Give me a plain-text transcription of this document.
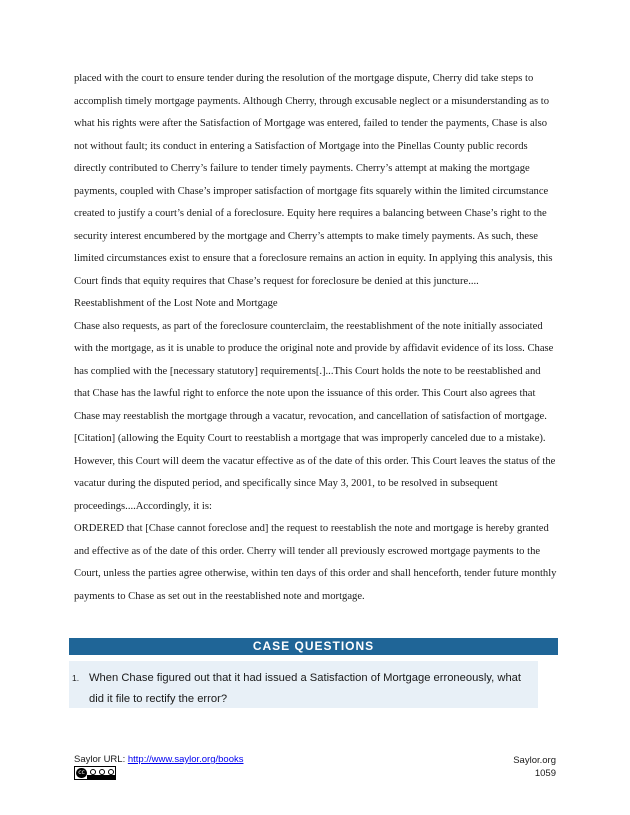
placed with the court to ensure tender during the resolution of the mortgage dispute, Cherry did take steps to accomplish timely mortgage payments. Although Cherry, through excusable neglect or a misunderstanding as to what his rights were after the Satisfaction of Mortgage was entered, failed to tender the payments, Chase is also not without fault; its conduct in entering a Satisfaction of Mortgage into the Pinellas County public records directly contributed to Cherry’s failure to tender timely payments. Cherry’s attempt at making the mortgage payments, coupled with Chase’s improper satisfaction of mortgage fits squarely within the limited circumstance created to justify a court’s denial of a foreclosure. Equity here requires a balancing between Chase’s right to the security interest encumbered by the mortgage and Cherry’s attempts to make timely payments. As such, these limited circumstances exist to ensure that a foreclosure remains an action in equity. In applying this analysis, this Court finds that equity requires that Chase’s request for foreclosure be denied at this juncture....

Reestablishment of the Lost Note and Mortgage

Chase also requests, as part of the foreclosure counterclaim, the reestablishment of the note initially associated with the mortgage, as it is unable to produce the original note and provide by affidavit evidence of its loss. Chase has complied with the [necessary statutory] requirements[.]...This Court holds the note to be reestablished and that Chase has the lawful right to enforce the note upon the issuance of this order. This Court also agrees that Chase may reestablish the mortgage through a vacatur, revocation, and cancellation of satisfaction of mortgage. [Citation] (allowing the Equity Court to reestablish a mortgage that was improperly canceled due to a mistake). However, this Court will deem the vacatur effective as of the date of this order. This Court leaves the status of the vacatur during the disputed period, and specifically since May 3, 2001, to be resolved in subsequent proceedings....Accordingly, it is:

ORDERED that [Chase cannot foreclose and] the request to reestablish the note and mortgage is hereby granted and effective as of the date of this order. Cherry will tender all previously escrowed mortgage payments to the Court, unless the parties agree otherwise, within ten days of this order and shall henceforth, tender future monthly payments to Chase as set out in the reestablished note and mortgage.

CASE QUESTIONS
1. When Chase figured out that it had issued a Satisfaction of Mortgage erroneously, what did it file to rectify the error?
Saylor URL: http://www.saylor.org/books
cc
Saylor.org
1059
